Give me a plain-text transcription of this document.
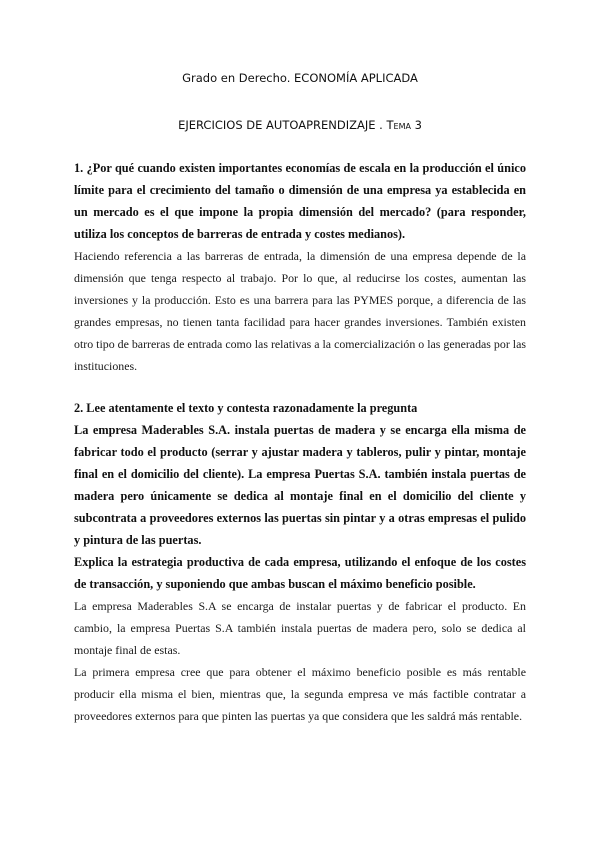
Grado en Derecho. ECONOMÍA APLICADA
EJERCICIOS DE AUTOAPRENDIZAJE . Tema 3

1. ¿Por qué cuando existen importantes economías de escala en la producción el único límite para el crecimiento del tamaño o dimensión de una empresa ya establecida en un mercado es el que impone la propia dimensión del mercado? (para responder, utiliza los conceptos de barreras de entrada y costes medianos).

Haciendo referencia a las barreras de entrada, la dimensión de una empresa depende de la dimensión que tenga respecto al trabajo. Por lo que, al reducirse los costes, aumentan las inversiones y la producción. Esto es una barrera para las PYMES porque, a diferencia de las grandes empresas, no tienen tanta facilidad para hacer grandes inversiones. También existen otro tipo de barreras de entrada como las relativas a la comercialización o las generadas por las instituciones.

2. Lee atentamente el texto y contesta razonadamente la pregunta

La empresa Maderables S.A. instala puertas de madera y se encarga ella misma de fabricar todo el producto (serrar y ajustar madera y tableros, pulir y pintar, montaje final en el domicilio del cliente). La empresa Puertas S.A. también instala puertas de madera pero únicamente se dedica al montaje final en el domicilio del cliente y subcontrata a proveedores externos las puertas sin pintar y a otras empresas el pulido y pintura de las puertas.

Explica la estrategia productiva de cada empresa, utilizando el enfoque de los costes de transacción, y suponiendo que ambas buscan el máximo beneficio posible.

La empresa Maderables S.A se encarga de instalar puertas y de fabricar el producto. En cambio, la empresa Puertas S.A también instala puertas de madera pero, solo se dedica al montaje final de estas.

La primera empresa cree que para obtener el máximo beneficio posible es más rentable producir ella misma el bien, mientras que, la segunda empresa ve más factible contratar a proveedores externos para que pinten las puertas ya que considera que les saldrá más rentable.
